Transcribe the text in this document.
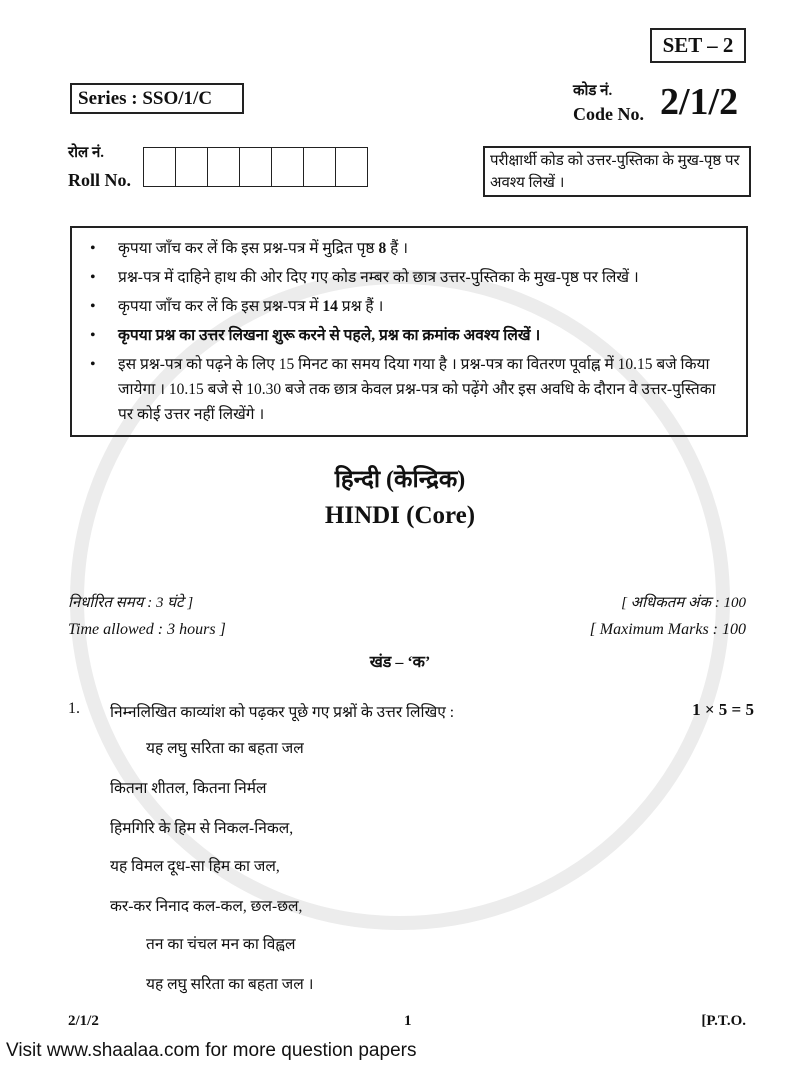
SET – 2
Series : SSO/1/C	कोड नं.
Code No. 2/1/2
रोल नं.
Roll No.
परीक्षार्थी कोड को उत्तर-पुस्तिका के मुख-पृष्ठ पर अवश्य लिखें ।
• कृपया जाँच कर लें कि इस प्रश्न-पत्र में मुद्रित पृष्ठ 8 हैं ।
• प्रश्न-पत्र में दाहिने हाथ की ओर दिए गए कोड नम्बर को छात्र उत्तर-पुस्तिका के मुख-पृष्ठ पर लिखें ।
• कृपया जाँच कर लें कि इस प्रश्न-पत्र में 14 प्रश्न हैं ।
• कृपया प्रश्न का उत्तर लिखना शुरू करने से पहले, प्रश्न का क्रमांक अवश्य लिखें ।
• इस प्रश्न-पत्र को पढ़ने के लिए 15 मिनट का समय दिया गया है । प्रश्न-पत्र का वितरण पूर्वाह्न में 10.15 बजे किया जायेगा । 10.15 बजे से 10.30 बजे तक छात्र केवल प्रश्न-पत्र को पढ़ेंगे और इस अवधि के दौरान वे उत्तर-पुस्तिका पर कोई उत्तर नहीं लिखेंगे ।
हिन्दी (केन्द्रिक)
HINDI (Core)
निर्धारित समय : 3 घंटे ]	[ अधिकतम अंक : 100
Time allowed : 3 hours ]	[ Maximum Marks : 100
खंड – ‘क’
1. निम्नलिखित काव्यांश को पढ़कर पूछे गए प्रश्नों के उत्तर लिखिए :	1 × 5 = 5
यह लघु सरिता का बहता जल
कितना शीतल, कितना निर्मल
हिमगिरि के हिम से निकल-निकल,
यह विमल दूध-सा हिम का जल,
कर-कर निनाद कल-कल, छल-छल,
तन का चंचल मन का विह्वल
यह लघु सरिता का बहता जल ।
2/1/2	1	[P.T.O.
Visit www.shaalaa.com for more question papers
